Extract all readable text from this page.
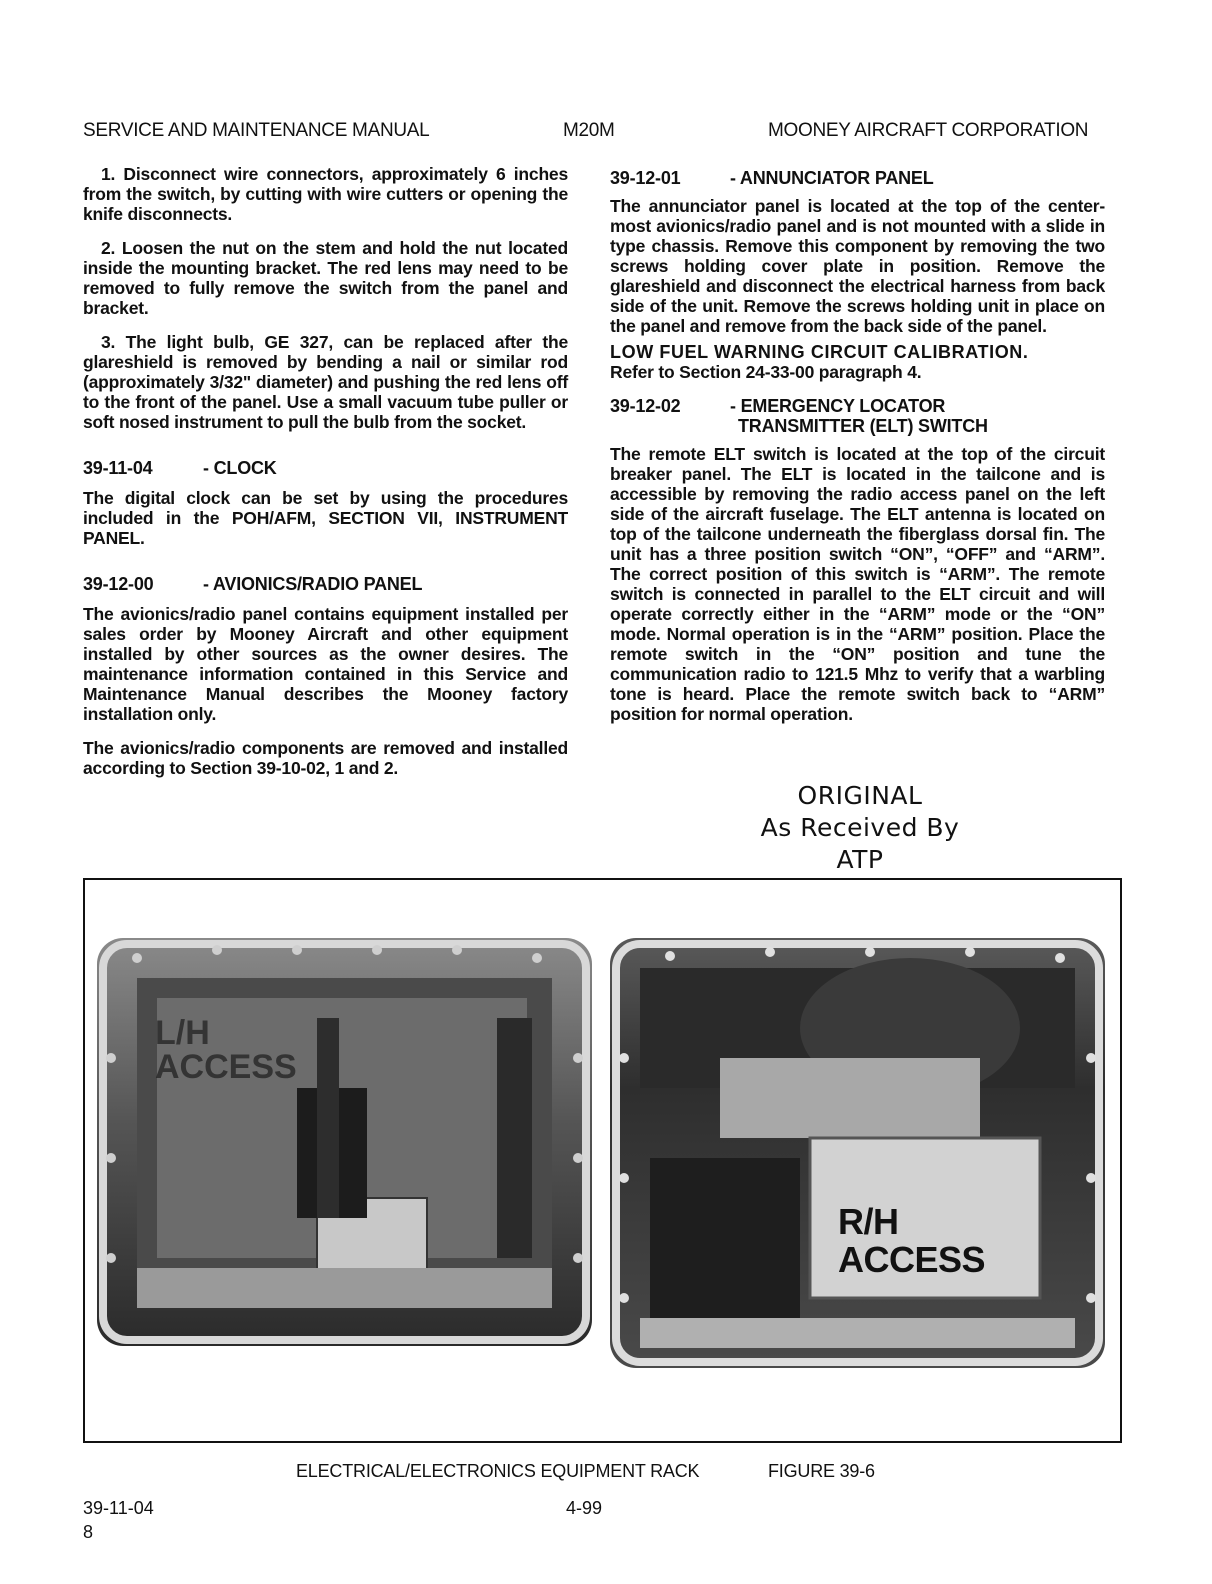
SERVICE AND MAINTENANCE MANUAL	M20M	MOONEY AIRCRAFT CORPORATION

1. Disconnect wire connectors, approximately 6 inches from the switch, by cutting with wire cutters or opening the knife disconnects.

2. Loosen the nut on the stem and hold the nut located inside the mounting bracket. The red lens may need to be removed to fully remove the switch from the panel and bracket.

3. The light bulb, GE 327, can be replaced after the glareshield is removed by bending a nail or similar rod (approximately 3/32" diameter) and pushing the red lens off to the front of the panel. Use a small vacuum tube puller or soft nosed instrument to pull the bulb from the socket.

39-11-04	- CLOCK

The digital clock can be set by using the procedures included in the POH/AFM, SECTION VII, INSTRUMENT PANEL.

39-12-00	- AVIONICS/RADIO PANEL

The avionics/radio panel contains equipment installed per sales order by Mooney Aircraft and other equipment installed by other sources as the owner desires. The maintenance information contained in this Service and Maintenance Manual describes the Mooney factory installation only.

The avionics/radio components are removed and installed according to Section 39-10-02, 1 and 2.

39-12-01	- ANNUNCIATOR PANEL

The annunciator panel is located at the top of the center-most avionics/radio panel and is not mounted with a slide in type chassis. Remove this component by removing the two screws holding cover plate in position. Remove the glareshield and disconnect the electrical harness from back side of the unit. Remove the screws holding unit in place on the panel and remove from the back side of the panel.

LOW FUEL WARNING CIRCUIT CALIBRATION.

Refer to Section 24-33-00 paragraph 4.

39-12-02	- EMERGENCY LOCATOR
TRANSMITTER (ELT) SWITCH

The remote ELT switch is located at the top of the circuit breaker panel. The ELT is located in the tailcone and is accessible by removing the radio access panel on the left side of the aircraft fuselage. The ELT antenna is located on top of the tailcone underneath the fiberglass dorsal fin. The unit has a three position switch “ON”, “OFF” and “ARM”. The correct position of this switch is “ARM”. The remote switch is connected in parallel to the ELT circuit and will operate correctly either in the “ARM” mode or the “ON” mode. Normal operation is in the “ARM” position. Place the remote switch in the “ON” position and tune the communication radio to 121.5 Mhz to verify that a warbling tone is heard. Place the remote switch back to “ARM” position for normal operation.

ORIGINAL
As Received By
ATP
L/H
ACCESS
R/H
ACCESS
ELECTRICAL/ELECTRONICS EQUIPMENT RACK	FIGURE 39-6
39-11-04
8
4-99
